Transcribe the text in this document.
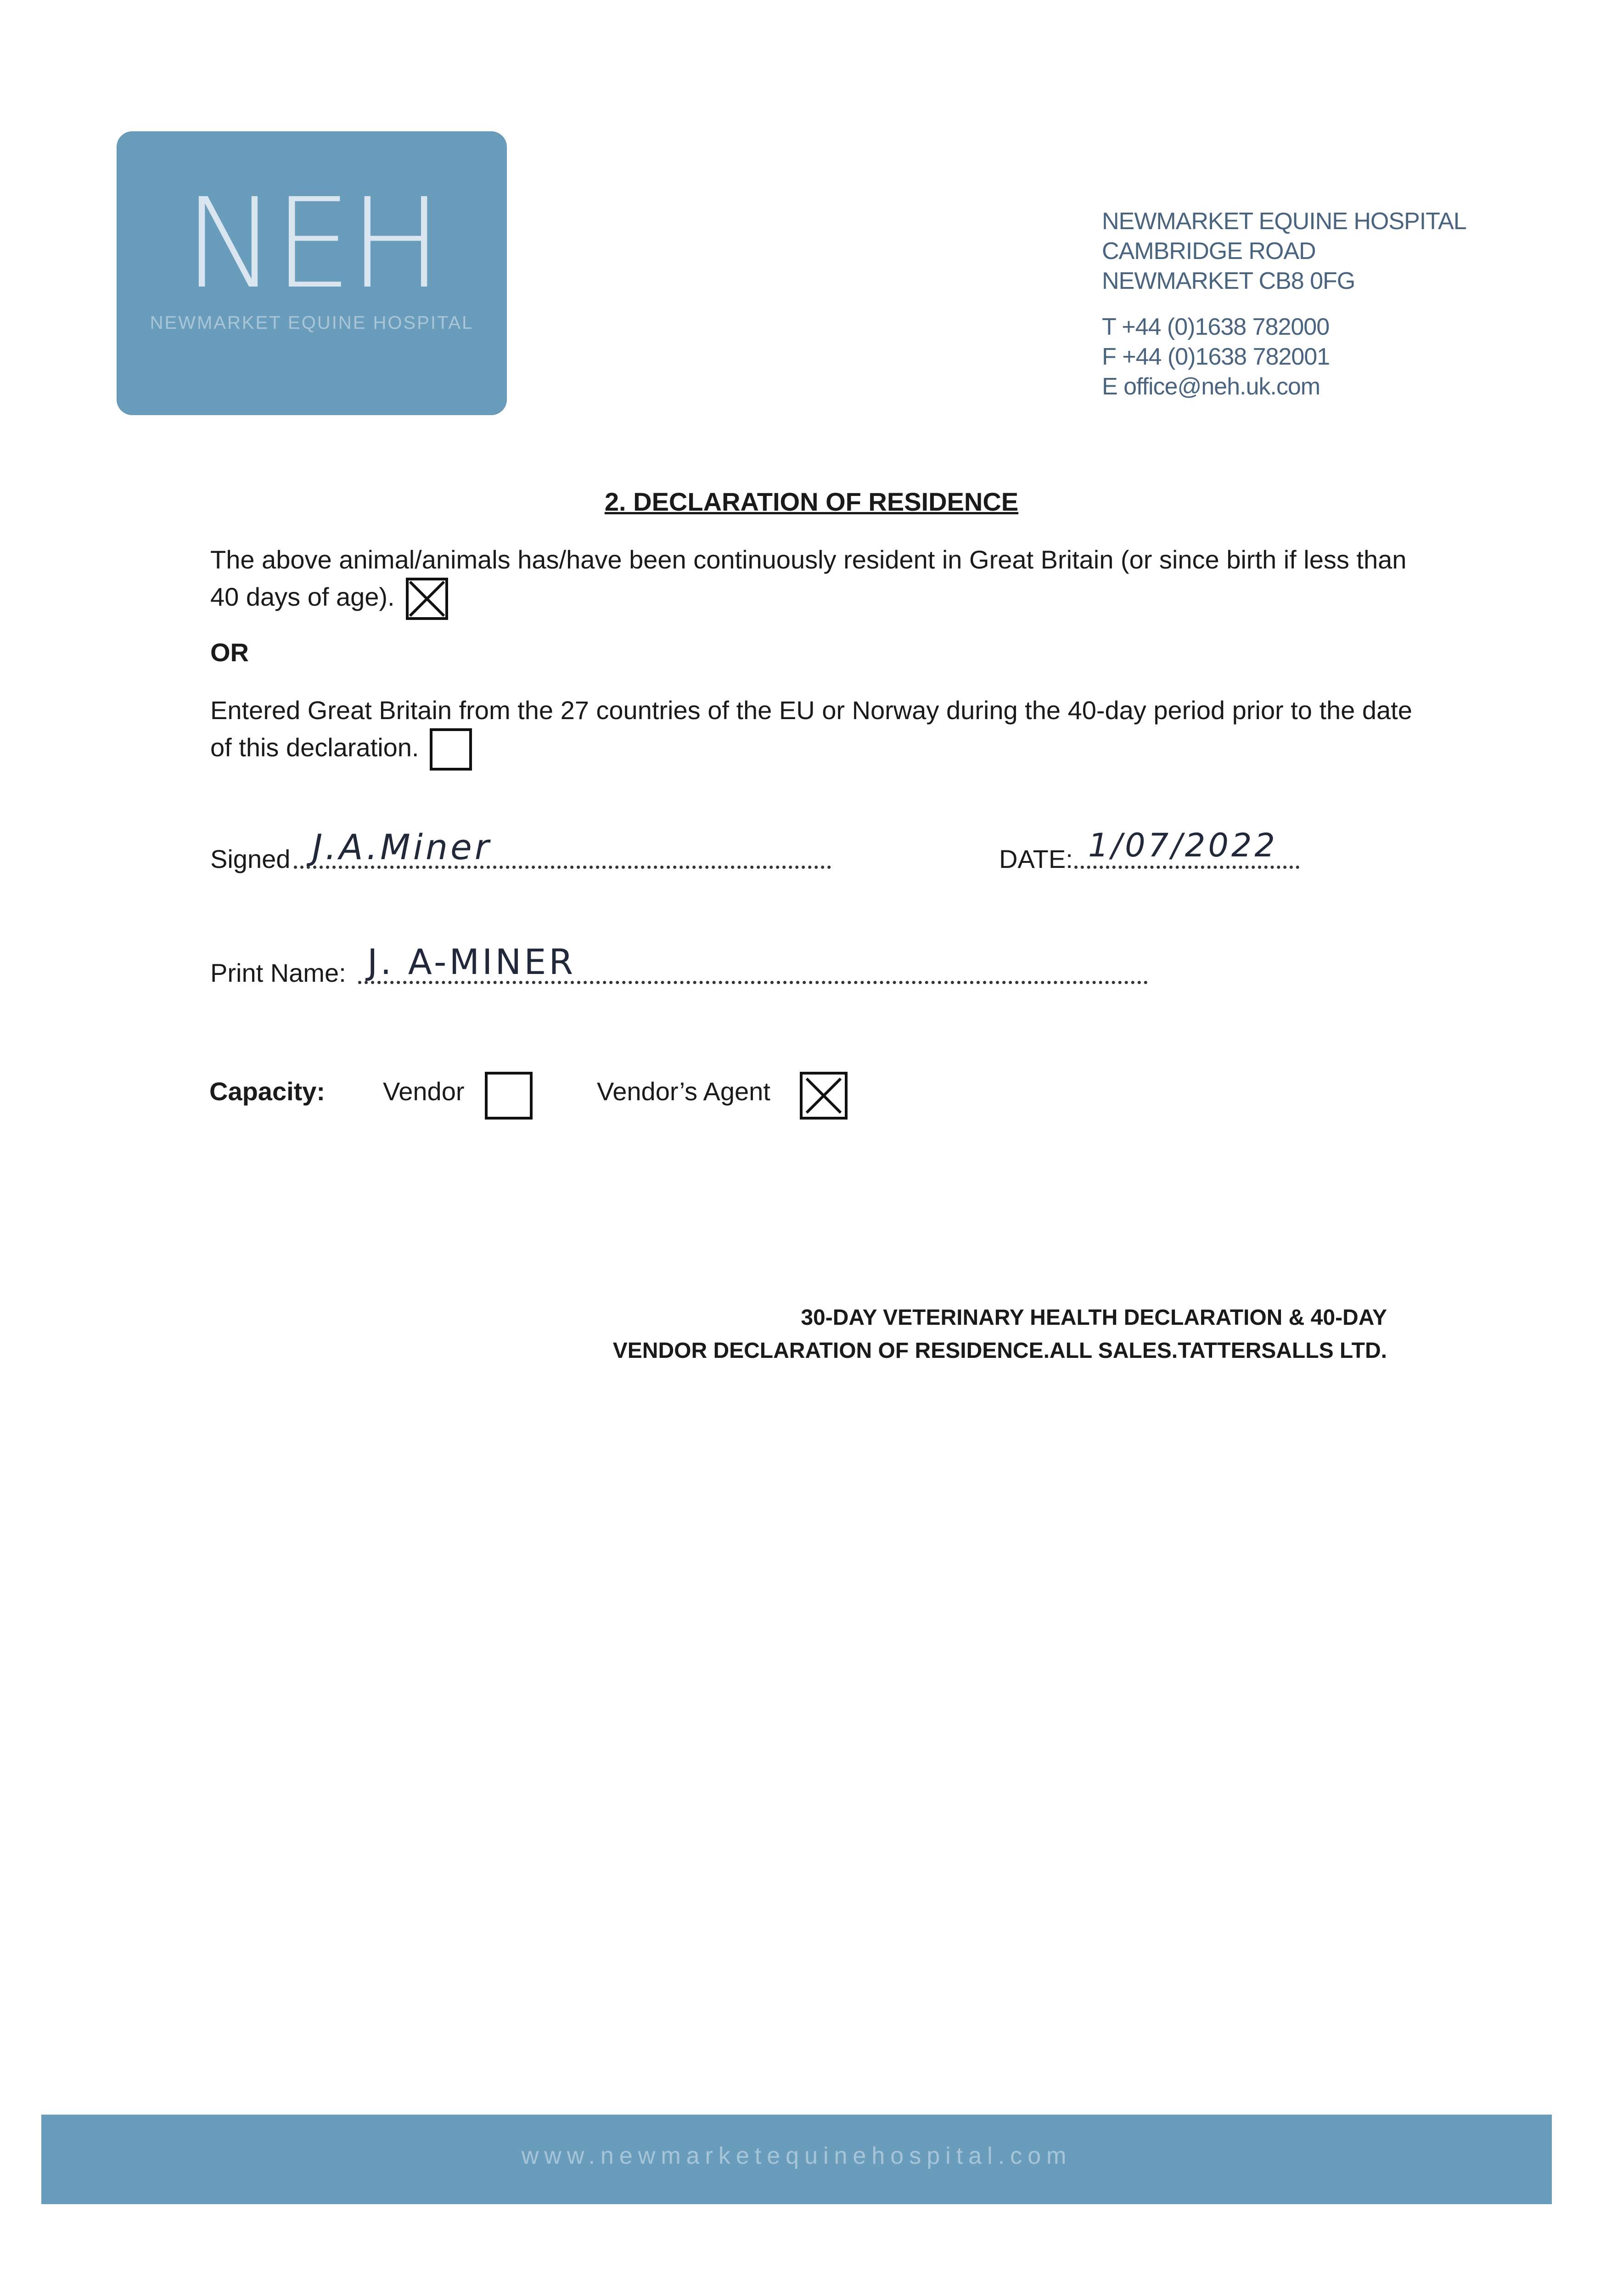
NEH
NEWMARKET EQUINE HOSPITAL
NEWMARKET EQUINE HOSPITAL
CAMBRIDGE ROAD
NEWMARKET CB8 0FG
T +44 (0)1638 782000
F +44 (0)1638 782001
E office@neh.uk.com
2. DECLARATION OF RESIDENCE
The above animal/animals has/have been continuously resident in Great Britain (or since birth if less than 40 days of age).
OR
Entered Great Britain from the 27 countries of the EU or Norway during the 40-day period prior to the date of this declaration.
Signed J.A.Miner	DATE: 1/07/2022
Print Name: J. A-MINER
Capacity: Vendor	Vendor’s Agent
30-DAY VETERINARY HEALTH DECLARATION & 40-DAY
VENDOR DECLARATION OF RESIDENCE.ALL SALES.TATTERSALLS LTD.
www.newmarketequinehospital.com
